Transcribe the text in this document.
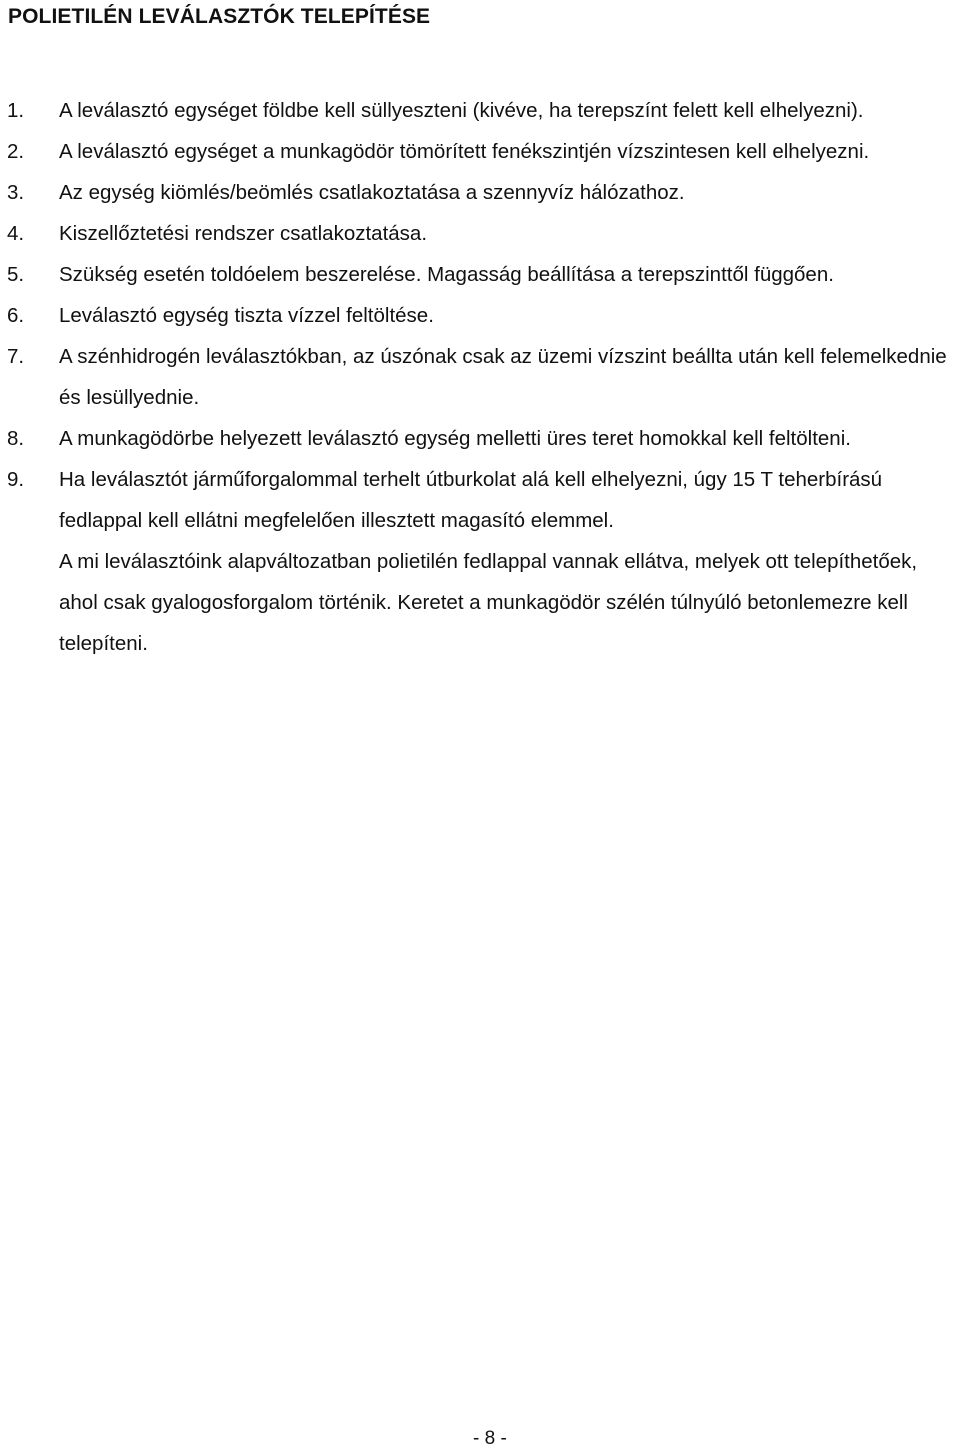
POLIETILÉN LEVÁLASZTÓK TELEPÍTÉSE
1. A leválasztó egységet földbe kell süllyeszteni (kivéve, ha terepszínt felett kell elhelyezni).
2. A leválasztó egységet a munkagödör tömörített fenékszintjén vízszintesen kell elhelyezni.
3. Az egység kiömlés/beömlés csatlakoztatása a szennyvíz hálózathoz.
4. Kiszellőztetési rendszer csatlakoztatása.
5. Szükség esetén toldóelem beszerelése. Magasság beállítása a terepszinttől függően.
6. Leválasztó egység tiszta vízzel feltöltése.
7. A szénhidrogén leválasztókban, az úszónak csak az üzemi vízszint beállta után kell felemelkednie és lesüllyednie.
8. A munkagödörbe helyezett leválasztó egység melletti üres teret homokkal kell feltölteni.
9. Ha leválasztót járműforgalommal terhelt útburkolat alá kell elhelyezni, úgy 15 T teherbírású fedlappal kell ellátni megfelelően illesztett magasító elemmel.
A mi leválasztóink alapváltozatban polietilén fedlappal vannak ellátva, melyek ott telepíthetőek, ahol csak gyalogosforgalom történik. Keretet a munkagödör szélén túlnyúló betonlemezre kell telepíteni.
- 8 -
